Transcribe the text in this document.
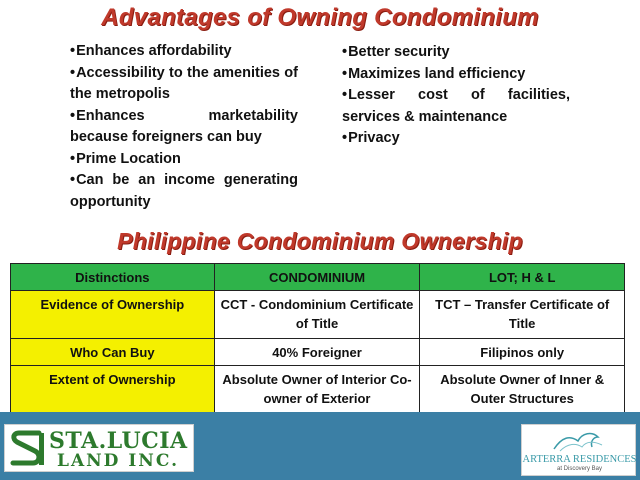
Advantages of Owning Condominium
• Enhances affordability
• Accessibility to the amenities of the metropolis
• Enhances marketability because foreigners can buy
• Prime Location
• Can be an income generating opportunity
• Better security
• Maximizes land efficiency
• Lesser cost of facilities, services & maintenance
• Privacy
Philippine Condominium Ownership
Distinctions	CONDOMINIUM	LOT; H & L
Evidence of Ownership	CCT - Condominium Certificate of Title	TCT – Transfer Certificate of Title
Who Can Buy	40% Foreigner	Filipinos only
Extent of Ownership	Absolute Owner of Interior Co-owner of Exterior	Absolute Owner of Inner & Outer Structures
STA.LUCIA
LAND INC.	ARTERRA RESIDENCES
at Discovery Bay
